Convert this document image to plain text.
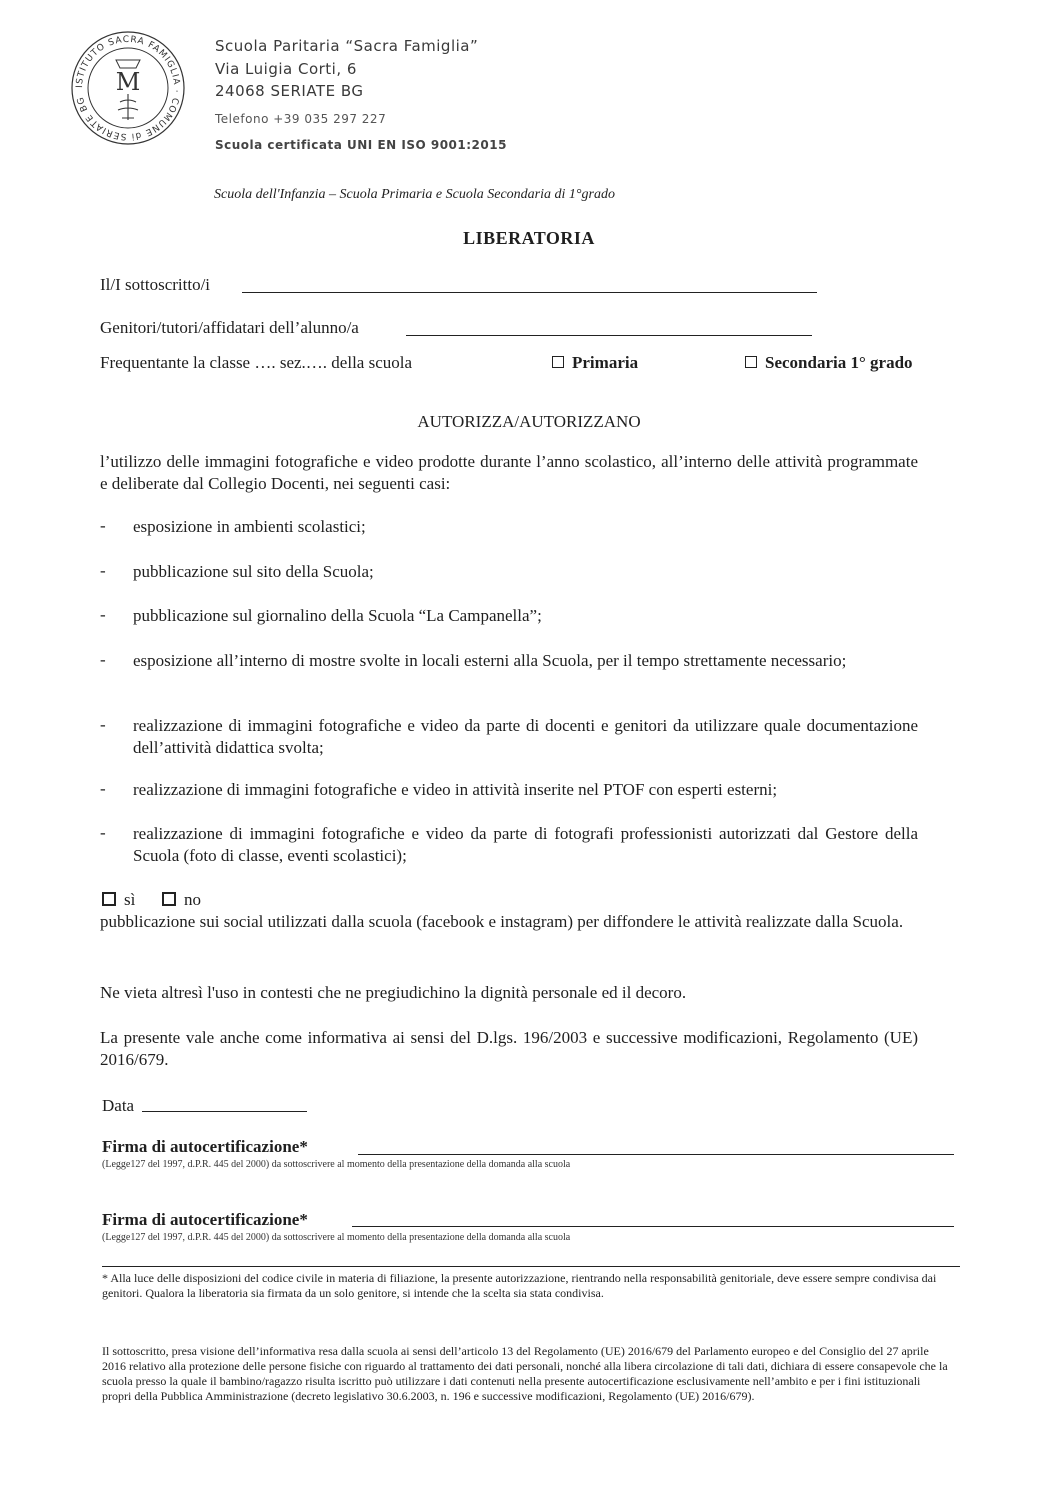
ISTITUTO SACRA FAMIGLIA · COMUNE di SERIATE BG
M
Scuola Paritaria “Sacra Famiglia”
Via Luigia Corti, 6
24068 SERIATE BG
Telefono +39 035 297 227
Scuola certificata UNI EN ISO 9001:2015
Scuola dell'Infanzia – Scuola Primaria e Scuola Secondaria di 1°grado
LIBERATORIA
Il/I sottoscritto/i
Genitori/tutori/affidatari dell’alunno/a
Frequentante la classe …. sez.…. della scuola	Primaria	Secondaria 1° grado
AUTORIZZA/AUTORIZZANO
l’utilizzo delle immagini fotografiche e video prodotte durante l’anno scolastico, all’interno delle attività programmate e deliberate dal Collegio Docenti, nei seguenti casi:
- esposizione in ambienti scolastici;
- pubblicazione sul sito della Scuola;
- pubblicazione sul giornalino della Scuola “La Campanella”;
- esposizione all’interno di mostre svolte in locali esterni alla Scuola, per il tempo strettamente necessario;
- realizzazione di immagini fotografiche e video da parte di docenti e genitori da utilizzare quale documentazione dell’attività didattica svolta;
- realizzazione di immagini fotografiche e video in attività inserite nel PTOF con esperti esterni;
- realizzazione di immagini fotografiche e video da parte di fotografi professionisti autorizzati dal Gestore della Scuola (foto di classe, eventi scolastici);
sì	no
pubblicazione sui social utilizzati dalla scuola (facebook e instagram) per diffondere le attività realizzate dalla Scuola.
Ne vieta altresì l'uso in contesti che ne pregiudichino la dignità personale ed il decoro.
La presente vale anche come informativa ai sensi del D.lgs. 196/2003 e successive modificazioni, Regolamento (UE) 2016/679.
Data
Firma di autocertificazione*
(Legge127 del 1997, d.P.R. 445 del 2000) da sottoscrivere al momento della presentazione della domanda alla scuola
Firma di autocertificazione*
(Legge127 del 1997, d.P.R. 445 del 2000) da sottoscrivere al momento della presentazione della domanda alla scuola
* Alla luce delle disposizioni del codice civile in materia di filiazione, la presente autorizzazione, rientrando nella responsabilità genitoriale, deve essere sempre condivisa dai genitori. Qualora la liberatoria sia firmata da un solo genitore, si intende che la scelta sia stata condivisa.
Il sottoscritto, presa visione dell’informativa resa dalla scuola ai sensi dell’articolo 13 del Regolamento (UE) 2016/679 del Parlamento europeo e del Consiglio del 27 aprile 2016 relativo alla protezione delle persone fisiche con riguardo al trattamento dei dati personali, nonché alla libera circolazione di tali dati, dichiara di essere consapevole che la scuola presso la quale il bambino/ragazzo risulta iscritto può utilizzare i dati contenuti nella presente autocertificazione esclusivamente nell’ambito e per i fini istituzionali propri della Pubblica Amministrazione (decreto legislativo 30.6.2003, n. 196 e successive modificazioni, Regolamento (UE) 2016/679).
